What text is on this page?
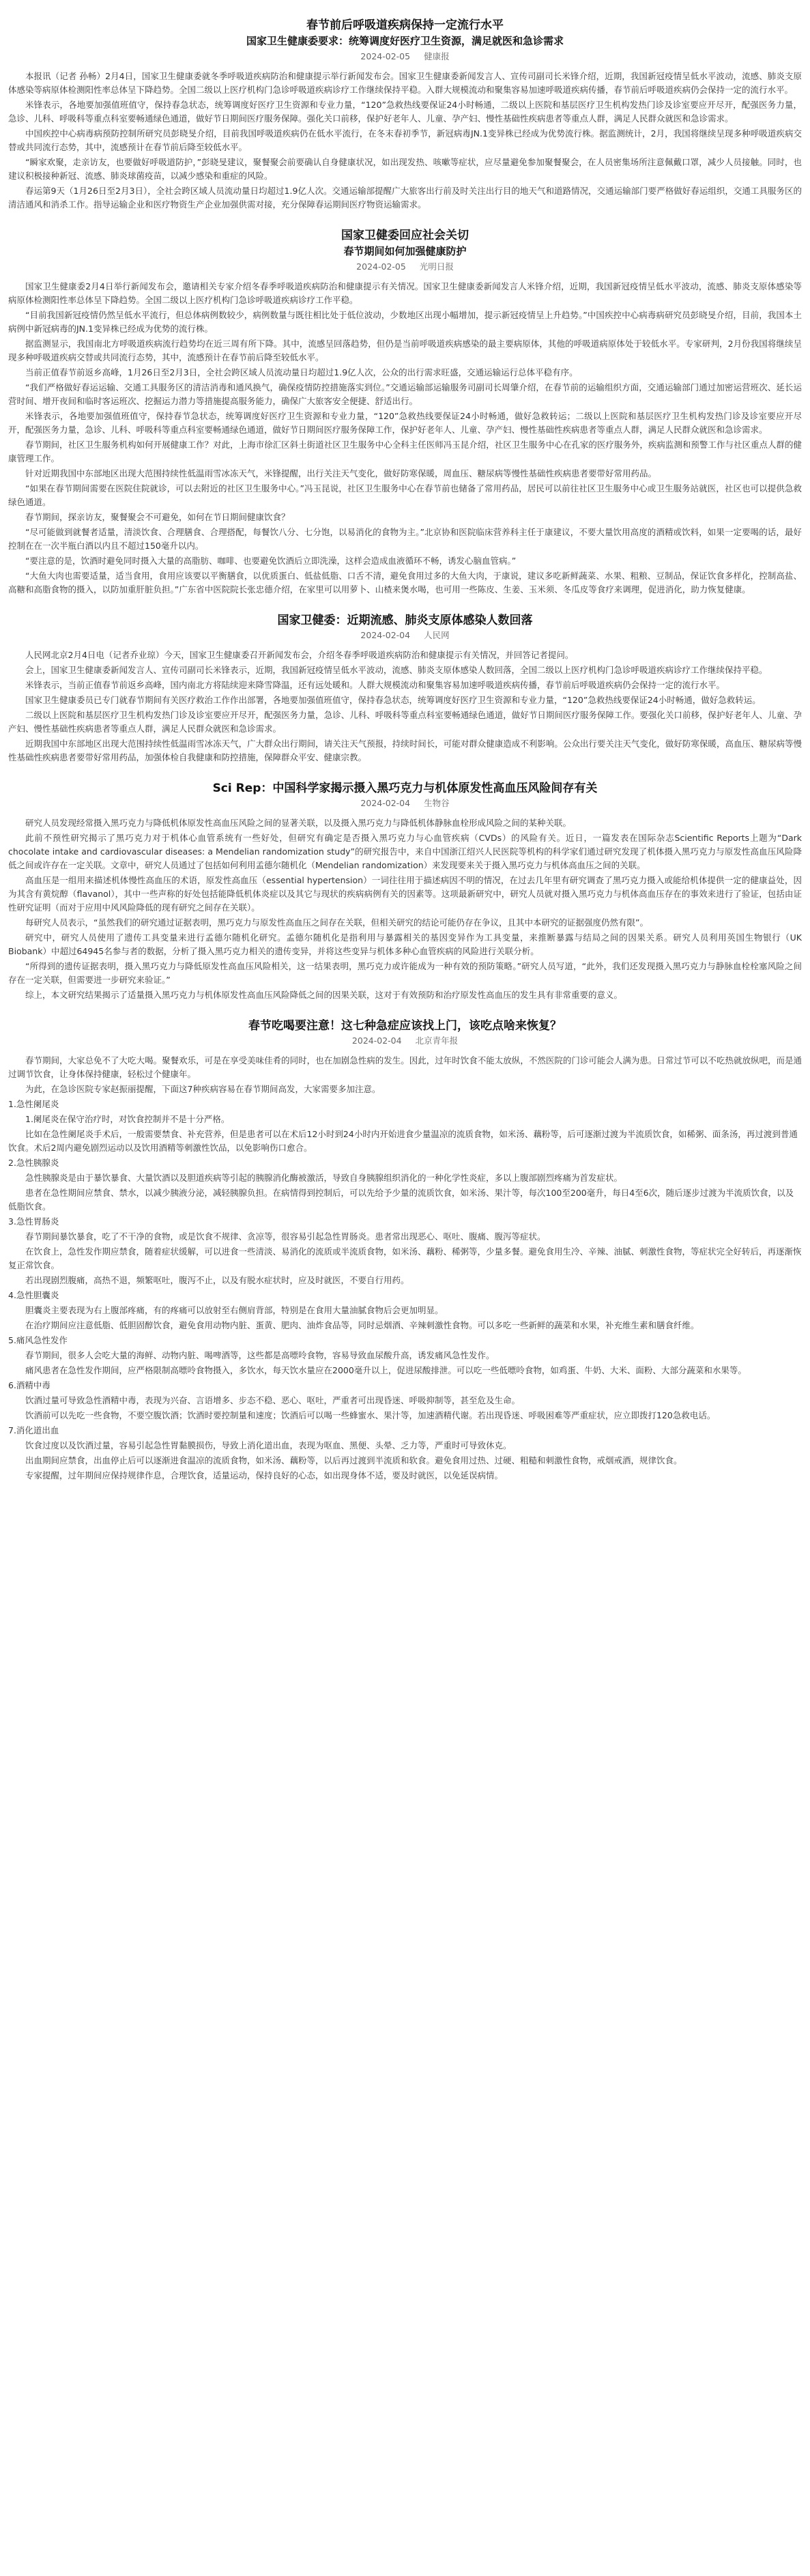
春节前后呼吸道疾病保持一定流行水平
国家卫生健康委要求：统筹调度好医疗卫生资源，满足就医和急诊需求
2024-02-05 健康报

本报讯（记者 孙畅）2月4日，国家卫生健康委就冬季呼吸道疾病防治和健康提示举行新闻发布会。国家卫生健康委新闻发言人、宣传司副司长米锋介绍，近期，我国新冠疫情呈低水平波动，流感、肺炎支原体感染等病原体检测阳性率总体呈下降趋势。全国二级以上医疗机构门急诊呼吸道疾病诊疗工作继续保持平稳。入群大规模流动和聚集容易加速呼吸道疾病传播，春节前后呼吸道疾病仍会保持一定的流行水平。

米锋表示，各地要加强值班值守，保持春急状态，统筹调度好医疗卫生资源和专业力量，“120”急救热线要保证24小时畅通，二级以上医院和基层医疗卫生机构发热门诊及诊室要应开尽开，配强医务力量，急诊、儿科、呼吸科等重点科室要畅通绿色通道，做好节日期间医疗服务保障。强化关口前移，保护好老年人、儿童、孕产妇、慢性基础性疾病患者等重点人群，满足人民群众就医和急诊需求。

中国疾控中心病毒病预防控制所研究员彭晓旻介绍，目前我国呼吸道疾病仍在低水平流行，在冬末春初季节，新冠病毒JN.1变异株已经成为优势流行株。据监测统计，2月，我国将继续呈现多种呼吸道疾病交替或共同流行态势，其中，流感预计在春节前后降至较低水平。

“瞬家欢聚，走亲访友，也要做好呼吸道防护，”彭晓旻建议，聚餐聚会前要确认自身健康状况，如出现发热、咳嗽等症状，应尽量避免参加聚餐聚会，在人员密集场所注意佩戴口罩，减少人员接触。同时，也建议积极接种新冠、流感、肺炎球菌疫苗，以减少感染和重症的风险。

春运第9天（1月26日至2月3日），全社会跨区域人员流动量日均超过1.9亿人次。交通运输部提醒广大旅客出行前及时关注出行目的地天气和道路情况，交通运输部门要严格做好春运组织，交通工具服务区的清洁通风和消杀工作。指导运输企业和医疗物资生产企业加强供需对接，充分保障春运期间医疗物资运输需求。

国家卫健委回应社会关切
春节期间如何加强健康防护
2024-02-05 光明日报

国家卫生健康委2月4日举行新闻发布会，邀请相关专家介绍冬春季呼吸道疾病防治和健康提示有关情况。国家卫生健康委新闻发言人米锋介绍，近期，我国新冠疫情呈低水平波动，流感、肺炎支原体感染等病原体检测阳性率总体呈下降趋势。全国二级以上医疗机构门急诊呼吸道疾病诊疗工作平稳。

“目前我国新冠疫情仍然呈低水平流行，但总体病例数较少，病例数量与既往相比处于低位波动，少数地区出现小幅增加，提示新冠疫情呈上升趋势。”中国疾控中心病毒病研究员彭晓旻介绍，目前，我国本土病例中新冠病毒的JN.1变异株已经成为优势的流行株。

据监测显示，我国南北方呼吸道疾病流行趋势均在近三周有所下降。其中，流感呈回落趋势，但仍是当前呼吸道疾病感染的最主要病原体，其他的呼吸道病原体处于较低水平。专家研判，2月份我国将继续呈现多种呼吸道疾病交替或共同流行态势，其中，流感预计在春节前后降至较低水平。

当前正值春节前返乡高峰，1月26日至2月3日，全社会跨区域人员流动量日均超过1.9亿人次，公众的出行需求旺盛，交通运输运行总体平稳有序。

“我们严格做好春运运输、交通工具服务区的清洁消毒和通风换气，确保疫情防控措施落实到位。”交通运输部运输服务司副司长周肇介绍，在春节前的运输组织方面，交通运输部门通过加密运营班次、延长运营时间、增开夜间和临时客运班次、挖掘运力潜力等措施提高服务能力，确保广大旅客安全便捷、舒适出行。

米锋表示，各地要加强值班值守，保持春节急状态，统筹调度好医疗卫生资源和专业力量，“120”急救热线要保证24小时畅通，做好急救转运；二级以上医院和基层医疗卫生机构发热门诊及诊室要应开尽开，配强医务力量，急诊、儿科、呼吸科等重点科室要畅通绿色通道，做好节日期间医疗服务保障工作，保护好老年人、儿童、孕产妇、慢性基础性疾病患者等重点人群，满足人民群众就医和急诊需求。

春节期间，社区卫生服务机构如何开展健康工作？对此，上海市徐汇区斜土街道社区卫生服务中心全科主任医师冯玉昆介绍，社区卫生服务中心在孔家的医疗服务外，疾病监测和预警工作与社区重点人群的健康管理工作。

针对近期我国中东部地区出现大范围持续性低温雨雪冰冻天气，米锋提醒，出行关注天气变化，做好防寒保暖，周血压、糖尿病等慢性基础性疾病患者要带好常用药品。

“如果在春节期间需要在医院住院就诊，可以去附近的社区卫生服务中心。”冯玉昆说，社区卫生服务中心在春节前也储备了常用药品，居民可以前往社区卫生服务中心或卫生服务站就医，社区也可以提供急救绿色通道。

春节期间，探亲访友，聚餐聚会不可避免，如何在节日期间健康饮食？

“尽可能做到就餐者适量，清淡饮食、合理膳食、合理搭配，每餐饮八分、七分饱，以易消化的食物为主。”北京协和医院临床营养科主任于康建议，不要大量饮用高度的酒精或饮料，如果一定要喝的话，最好控制在在一次半瓶白酒以内且不超过150毫升以内。

“要注意的是，饮酒时避免同时摄入大量的高脂肪、咖啡、也要避免饮酒后立即洗澡，这样会造成血液循环不畅，诱发心脑血管病。”

“大鱼大肉也需要适量，适当食用，食用应该要以平衡膳食，以优质蛋白、低盐低脂、口舌不清，避免食用过多的大鱼大肉，于康说，建议多吃新鲜蔬菜、水果、粗粮、豆制品，保证饮食多样化，控制高盐、高糖和高脂食物的摄入，以防加重肝脏负担。”广东省中医院院长张忠德介绍，在家里可以用萝卜、山楂来煲水喝，也可用一些陈皮、生姜、玉米须、冬瓜皮等食疗来调理，促进消化，助力恢复健康。

国家卫健委：近期流感、肺炎支原体感染人数回落
2024-02-04 人民网

人民网北京2月4日电（记者乔业琼）今天，国家卫生健康委召开新闻发布会，介绍冬春季呼吸道疾病防治和健康提示有关情况，并回答记者提问。

会上，国家卫生健康委新闻发言人、宣传司副司长米锋表示，近期，我国新冠疫情呈低水平波动，流感、肺炎支原体感染人数回落，全国二级以上医疗机构门急诊呼吸道疾病诊疗工作继续保持平稳。

米锋表示，当前正值春节前返乡高峰，国内南北方将陆续迎来降雪降温，还有远处暖和。人群大规模流动和聚集容易加速呼吸道疾病传播，春节前后呼吸道疾病仍会保持一定的流行水平。

国家卫生健康委员已专门就春节期间有关医疗救治工作作出部署，各地要加强值班值守，保持春急状态，统筹调度好医疗卫生资源和专业力量，“120”急救热线要保证24小时畅通，做好急救转运。

二级以上医院和基层医疗卫生机构发热门诊及诊室要应开尽开，配强医务力量，急诊、儿科、呼吸科等重点科室要畅通绿色通道，做好节日期间医疗服务保障工作。要强化关口前移，保护好老年人、儿童、孕产妇、慢性基础性疾病患者等重点人群，满足人民群众就医和急诊需求。

近期我国中东部地区出现大范围持续性低温雨雪冰冻天气，广大群众出行期间，请关注天气预报，持续时间长，可能对群众健康造成不利影响。公众出行要关注天气变化，做好防寒保暖，高血压、糖尿病等慢性基础性疾病患者要带好常用药品，加强体检自我健康和防控措施，保障群众平安、健康宗教。

Sci Rep：中国科学家揭示摄入黑巧克力与机体原发性高血压风险间存有关
2024-02-04 生物谷

研究人员发现经常摄入黑巧克力与降低机体原发性高血压风险之间的显著关联，以及摄入黑巧克力与降低机体静脉血栓形成风险之间的某种关联。

此前不预性研究揭示了黑巧克力对于机体心血管系统有一些好处，但研究有确定是否摄入黑巧克力与心血管疾病（CVDs）的风险有关。近日，一篇发表在国际杂志Scientific Reports上题为“Dark chocolate intake and cardiovascular diseases: a Mendelian randomization study”的研究报告中，来自中国浙江绍兴人民医院等机构的科学家们通过研究发现了机体摄入黑巧克力与原发性高血压风险降低之间或许存在一定关联。文章中，研究人员通过了包括如何利用孟德尔随机化（Mendelian randomization）来发现要来关于摄入黑巧克力与机体高血压之间的关联。

高血压是一组用来描述机体慢性高血压的术语，原发性高血压（essential hypertension）一词往往用于描述病因不明的情况，在过去几年里有研究调查了黑巧克力摄入或能给机体提供一定的健康益处，因为其含有黄烷醇（flavanol），其中一些声称的好处包括能降低机体炎症以及其它与现状的疾病病例有关的因素等。这项最新研究中，研究人员就对摄入黑巧克力与机体高血压存在的事效来进行了验证，包括由证性研究证明（而对于应用中风风险降低的现有研究之间存在关联）。

每研究人员表示，“虽然我们的研究通过证据表明，黑巧克力与原发性高血压之间存在关联，但相关研究的结论可能仍存在争议，且其中本研究的证据强度仍然有限”。

研究中，研究人员使用了遗传工具变量来进行孟德尔随机化研究。孟德尔随机化是指利用与暴露相关的基因变异作为工具变量，来推断暴露与结局之间的因果关系。研究人员利用英国生物银行（UK Biobank）中超过64945名参与者的数据，分析了摄入黑巧克力相关的遗传变异，并将这些变异与机体多种心血管疾病的风险进行关联分析。

“所得到的遗传证据表明，摄入黑巧克力与降低原发性高血压风险相关，这一结果表明，黑巧克力或许能成为一种有效的预防策略。”研究人员写道，“此外，我们还发现摄入黑巧克力与静脉血栓栓塞风险之间存在一定关联，但需要进一步研究来验证。”

综上，本文研究结果揭示了适量摄入黑巧克力与机体原发性高血压风险降低之间的因果关联，这对于有效预防和治疗原发性高血压的发生具有非常重要的意义。

春节吃喝要注意！这七种急症应该找上门，该吃点啥来恢复？
2024-02-04 北京青年报

春节期间，大家总免不了大吃大喝。聚餐欢乐，可是在享受美味佳肴的同时，也在加剧急性病的发生。因此，过年时饮食不能太放纵，不然医院的门诊可能会人满为患。日常过节可以不吃热就放纵吧，而是通过调节饮食，让身体保持健康，轻松过个健康年。

为此，在急诊医院专家赵振丽提醒，下面这7种疾病容易在春节期间高发，大家需要多加注意。

1.急性阑尾炎

1.阑尾炎在保守治疗时，对饮食控制并不是十分严格。

比如在急性阑尾炎手术后，一般需要禁食、补充营养，但是患者可以在术后12小时到24小时内开始进食少量温凉的流质食物，如米汤、藕粉等，后可逐渐过渡为半流质饮食，如稀粥、面条汤，再过渡到普通饮食。术后2周内避免剧烈运动以及饮用酒精等刺激性饮品，以免影响伤口愈合。

2.急性胰腺炎

急性胰腺炎是由于暴饮暴食、大量饮酒以及胆道疾病等引起的胰腺消化酶被激活，导致自身胰腺组织消化的一种化学性炎症，多以上腹部剧烈疼痛为首发症状。

患者在急性期间应禁食、禁水，以减少胰液分泌，减轻胰腺负担。在病情得到控制后，可以先给予少量的流质饮食，如米汤、果汁等，每次100至200毫升，每日4至6次，随后逐步过渡为半流质饮食，以及低脂饮食。

3.急性胃肠炎

春节期间暴饮暴食，吃了不干净的食物，或是饮食不规律、贪凉等，很容易引起急性胃肠炎。患者常出现恶心、呕吐、腹痛、腹泻等症状。

在饮食上，急性发作期应禁食，随着症状缓解，可以进食一些清淡、易消化的流质或半流质食物，如米汤、藕粉、稀粥等，少量多餐。避免食用生冷、辛辣、油腻、刺激性食物，等症状完全好转后，再逐渐恢复正常饮食。

若出现剧烈腹痛，高热不退，频繁呕吐，腹泻不止，以及有脱水症状时，应及时就医，不要自行用药。

4.急性胆囊炎

胆囊炎主要表现为右上腹部疼痛，有的疼痛可以放射至右侧肩背部，特别是在食用大量油腻食物后会更加明显。

在治疗期间应注意低脂、低胆固醇饮食，避免食用动物内脏、蛋黄、肥肉、油炸食品等，同时忌烟酒、辛辣刺激性食物。可以多吃一些新鲜的蔬菜和水果，补充维生素和膳食纤维。

5.痛风急性发作

春节期间，很多人会吃大量的海鲜、动物内脏、喝啤酒等，这些都是高嘌呤食物，容易导致血尿酸升高，诱发痛风急性发作。

痛风患者在急性发作期间，应严格限制高嘌呤食物摄入，多饮水，每天饮水量应在2000毫升以上，促进尿酸排泄。可以吃一些低嘌呤食物，如鸡蛋、牛奶、大米、面粉、大部分蔬菜和水果等。

6.酒精中毒

饮酒过量可导致急性酒精中毒，表现为兴奋、言语增多、步态不稳、恶心、呕吐，严重者可出现昏迷、呼吸抑制等，甚至危及生命。

饮酒前可以先吃一些食物，不要空腹饮酒；饮酒时要控制量和速度；饮酒后可以喝一些蜂蜜水、果汁等，加速酒精代谢。若出现昏迷、呼吸困难等严重症状，应立即拨打120急救电话。

7.消化道出血

饮食过度以及饮酒过量，容易引起急性胃黏膜损伤，导致上消化道出血，表现为呕血、黑便、头晕、乏力等，严重时可导致休克。

出血期间应禁食，出血停止后可以逐渐进食温凉的流质食物，如米汤、藕粉等，以后再过渡到半流质和软食。避免食用过热、过硬、粗糙和刺激性食物，戒烟戒酒，规律饮食。

专家提醒，过年期间应保持规律作息，合理饮食，适量运动，保持良好的心态，如出现身体不适，要及时就医，以免延误病情。
